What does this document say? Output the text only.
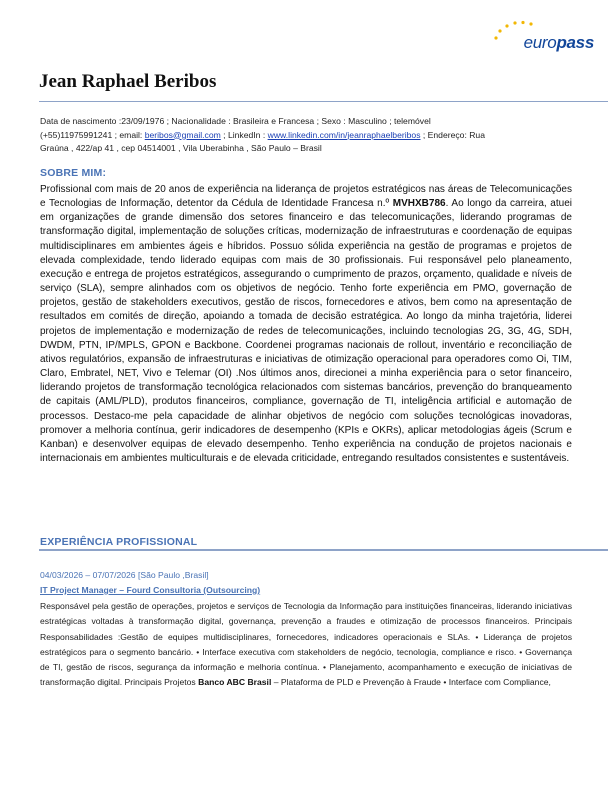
europass
Jean Raphael Beribos
Data de nascimento :23/09/1976 ; Nacionalidade : Brasileira e Francesa ; Sexo : Masculino ; telemóvel
(+55)11975991241 ; email: beribos@gmail.com ; LinkedIn : www.linkedin.com/in/jeanraphaelberibos ; Endereço: Rua
Graúna , 422/ap 41 , cep 04514001 , Vila Uberabinha , São Paulo – Brasil
SOBRE MIM:
Profissional com mais de 20 anos de experiência na liderança de projetos estratégicos nas áreas de Telecomunicações e Tecnologias de Informação, detentor da Cédula de Identidade Francesa n.º MVHXB786. Ao longo da carreira, atuei em organizações de grande dimensão dos setores financeiro e das telecomunicações, liderando programas de transformação digital, implementação de soluções críticas, modernização de infraestruturas e coordenação de equipas multidisciplinares em ambientes ágeis e híbridos. Possuo sólida experiência na gestão de programas e projetos de elevada complexidade, tendo liderado equipas com mais de 30 profissionais. Fui responsável pelo planeamento, execução e entrega de projetos estratégicos, assegurando o cumprimento de prazos, orçamento, qualidade e níveis de serviço (SLA), sempre alinhados com os objetivos de negócio. Tenho forte experiência em PMO, governação de projetos, gestão de stakeholders executivos, gestão de riscos, fornecedores e ativos, bem como na apresentação de resultados em comités de direção, apoiando a tomada de decisão estratégica. Ao longo da minha trajetória, liderei projetos de implementação e modernização de redes de telecomunicações, incluindo tecnologias 2G, 3G, 4G, SDH, DWDM, PTN, IP/MPLS, GPON e Backbone. Coordenei programas nacionais de rollout, inventário e reconciliação de ativos regulatórios, expansão de infraestruturas e iniciativas de otimização operacional para operadores como Oi, TIM, Claro, Embratel, NET, Vivo e Telemar (OI) .Nos últimos anos, direcionei a minha experiência para o setor financeiro, liderando projetos de transformação tecnológica relacionados com sistemas bancários, prevenção do branqueamento de capitais (AML/PLD), produtos financeiros, compliance, governação de TI, inteligência artificial e automação de processos. Destaco-me pela capacidade de alinhar objetivos de negócio com soluções tecnológicas inovadoras, promover a melhoria contínua, gerir indicadores de desempenho (KPIs e OKRs), aplicar metodologias ágeis (Scrum e Kanban) e desenvolver equipas de elevado desempenho. Tenho experiência na condução de projetos nacionais e internacionais em ambientes multiculturais e de elevada criticidade, entregando resultados consistentes e sustentáveis.
EXPERIÊNCIA PROFISSIONAL
04/03/2026 – 07/07/2026 [São Paulo ,Brasil]
IT Project Manager – Fourd Consultoria (Outsourcing)
Responsável pela gestão de operações, projetos e serviços de Tecnologia da Informação para instituições financeiras, liderando iniciativas estratégicas voltadas à transformação digital, governança, prevenção a fraudes e otimização de processos financeiros. Principais Responsabilidades :Gestão de equipes multidisciplinares, fornecedores, indicadores operacionais e SLAs. • Liderança de projetos estratégicos para o segmento bancário. • Interface executiva com stakeholders de negócio, tecnologia, compliance e risco. • Governança de TI, gestão de riscos, segurança da informação e melhoria contínua. • Planejamento, acompanhamento e execução de iniciativas de transformação digital. Principais Projetos Banco ABC Brasil – Plataforma de PLD e Prevenção à Fraude • Interface com Compliance,
